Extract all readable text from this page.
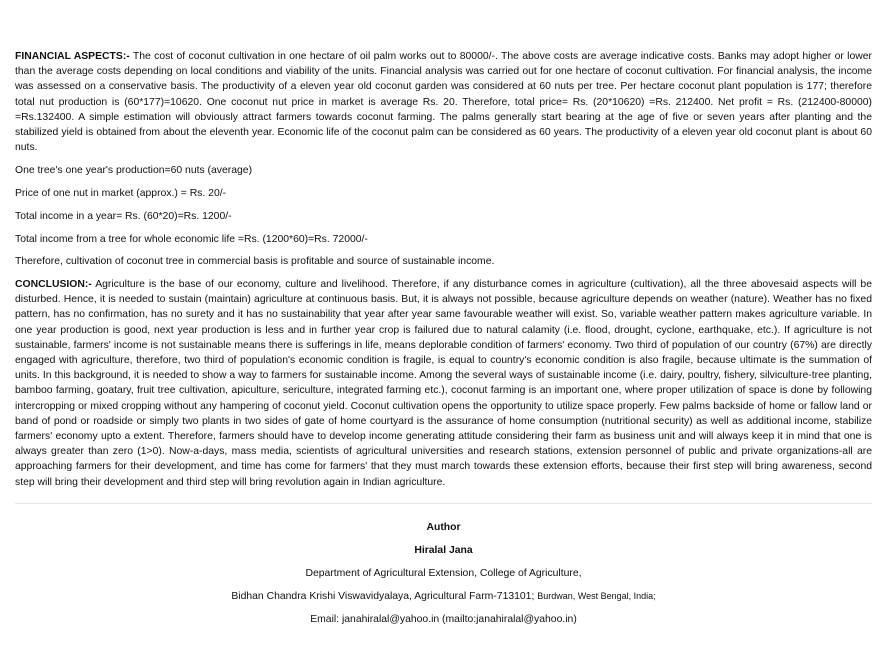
FINANCIAL ASPECTS:- The cost of coconut cultivation in one hectare of oil palm works out to 80000/-. The above costs are average indicative costs. Banks may adopt higher or lower than the average costs depending on local conditions and viability of the units. Financial analysis was carried out for one hectare of coconut cultivation. For financial analysis, the income was assessed on a conservative basis. The productivity of a eleven year old coconut garden was considered at 60 nuts per tree. Per hectare coconut plant population is 177; therefore total nut production is (60*177)=10620. One coconut nut price in market is average Rs. 20. Therefore, total price= Rs. (20*10620) =Rs. 212400. Net profit = Rs. (212400-80000) =Rs.132400. A simple estimation will obviously attract farmers towards coconut farming. The palms generally start bearing at the age of five or seven years after planting and the stabilized yield is obtained from about the eleventh year. Economic life of the coconut palm can be considered as 60 years. The productivity of a eleven year old coconut plant is about 60 nuts.

One tree's one year's production=60 nuts (average)

Price of one nut in market (approx.) = Rs. 20/-

Total income in a year= Rs. (60*20)=Rs. 1200/-

Total income from a tree for whole economic life =Rs. (1200*60)=Rs. 72000/-

Therefore, cultivation of coconut tree in commercial basis is profitable and source of sustainable income.

CONCLUSION:- Agriculture is the base of our economy, culture and livelihood. Therefore, if any disturbance comes in agriculture (cultivation), all the three abovesaid aspects will be disturbed. Hence, it is needed to sustain (maintain) agriculture at continuous basis. But, it is always not possible, because agriculture depends on weather (nature). Weather has no fixed pattern, has no confirmation, has no surety and it has no sustainability that year after year same favourable weather will exist. So, variable weather pattern makes agriculture variable. In one year production is good, next year production is less and in further year crop is failured due to natural calamity (i.e. flood, drought, cyclone, earthquake, etc.). If agriculture is not sustainable, farmers' income is not sustainable means there is sufferings in life, means deplorable condition of farmers' economy. Two third of population of our country (67%) are directly engaged with agriculture, therefore, two third of population's economic condition is fragile, is equal to country's economic condition is also fragile, because ultimate is the summation of units. In this background, it is needed to show a way to farmers for sustainable income. Among the several ways of sustainable income (i.e. dairy, poultry, fishery, silviculture-tree planting, bamboo farming, goatary, fruit tree cultivation, apiculture, sericulture, integrated farming etc.), coconut farming is an important one, where proper utilization of space is done by following intercropping or mixed cropping without any hampering of coconut yield. Coconut cultivation opens the opportunity to utilize space properly. Few palms backside of home or fallow land or band of pond or roadside or simply two plants in two sides of gate of home courtyard is the assurance of home consumption (nutritional security) as well as additional income, stabilize farmers' economy upto a extent. Therefore, farmers should have to develop income generating attitude considering their farm as business unit and will always keep it in mind that one is always greater than zero (1>0). Now-a-days, mass media, scientists of agricultural universities and research stations, extension personnel of public and private organizations-all are approaching farmers for their development, and time has come for farmers' that they must march towards these extension efforts, because their first step will bring awareness, second step will bring their development and third step will bring revolution again in Indian agriculture.

Author

Hiralal Jana

Department of Agricultural Extension, College of Agriculture,

Bidhan Chandra Krishi Viswavidyalaya, Agricultural Farm-713101; Burdwan, West Bengal, India;

Email: janahiralal@yahoo.in (mailto:janahiralal@yahoo.in)
